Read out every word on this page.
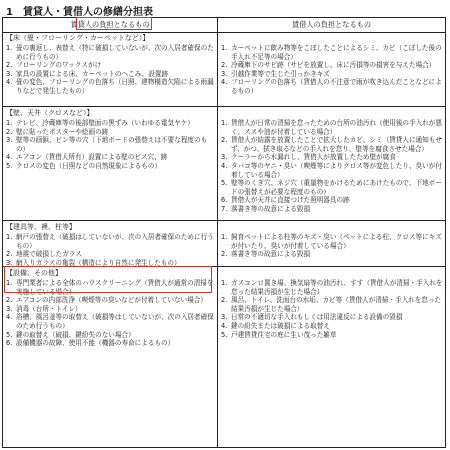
1　賃貸人・賃借人の修繕分担表
賃貸人の負担となるもの	賃借人の負担となるもの
【床（畳・フローリング・カーペットなど）】
1. 畳の裏返し、表替え（特に破損していないが、次の入居者確保のために行うもの）
2. フローリングのワックスがけ
3. 家具の設置による床、カーペットのへこみ、設置跡
4. 畳の変色、フローリングの色落ち（日照、建物構造欠陥による雨漏りなどで発生したもの）
1. カーペットに飲み物等をこぼしたことによるシミ、カビ（こぼした後の手入れ不足等の場合）
2. 冷蔵庫下のサビ跡（サビを放置し、床に汚損等の損害を与えた場合）
3. 引越作業等で生じた引っかきキズ
4. フローリングの色落ち（賃借人の不注意で雨が吹き込んだことなどによるもの）
【壁、天井（クロスなど）】
1. テレビ、冷蔵庫等の後部壁面の黒ずみ（いわゆる電気ヤケ）
2. 壁に貼ったポスターや絵画の跡
3. 壁等の画鋲、ピン等の穴（下地ボードの張替えは不要な程度のもの）
4. エアコン（賃借人所有）設置による壁のビス穴、跡
5. クロスの変色（日照などの自然現象によるもの）
1. 賃借人が日常の清掃を怠ったための台所の油汚れ（使用後の手入れが悪く、ススや油が付着している場合）
2. 賃借人が結露を放置したことで拡大したカビ、シミ（賃貸人に通知もせず、かつ、拭き取るなどの手入れを怠り、壁等を腐食させた場合）
3. クーラーから水漏れし、賃借人が放置したため壁が腐食
4. タバコ等のヤニ・臭い（喫煙等によりクロス等が変色したり、臭いが付着している場合）
5. 壁等のくぎ穴、ネジ穴（重量物をかけるためにあけたもので、下地ボードの張替えが必要な程度のもの）
6. 賃借人が天井に直接つけた照明器具の跡
7. 落書き等の故意による毀損
【建具等、襖、柱等】
1. 網戸の張替え（破損はしていないが、次の入居者確保のために行うもの）
2. 地震で破損したガラス
3. 網入りガラスの亀裂（構造により自然に発生したもの）
1. 飼育ペットによる柱等のキズ・臭い（ペットによる柱、クロス等にキズが付いたり、臭いが付着している場合）
2. 落書き等の故意による毀損
【設備、その他】
1. 専門業者による全体のハウスクリーニング（賃借人が通常の清掃を実施している場合）
2. エアコンの内部洗浄（喫煙等の臭いなどが付着していない場合）
3. 消毒（台所・トイレ）
4. 浴槽、風呂釜等の取替え（破損等はしていないが、次の入居者確保のため行うもの）
5. 鍵の取替え（破損、鍵紛失のない場合）
6. 設備機器の故障、使用不能（機器の寿命によるもの）
1. ガスコンロ置き場、換気扇等の油汚れ、すす（賃借人が清掃・手入れを怠った結果汚損が生じた場合）
2. 風呂、トイレ、洗面台の水垢、カビ等（賃借人が清掃・手入れを怠った結果汚損が生じた場合）
3. 日常の不適切な手入れもしくは用法違反による設備の毀損
4. 鍵の紛失または破損による取替え
5. 戸建賃貸住宅の庭に生い茂った雑草
